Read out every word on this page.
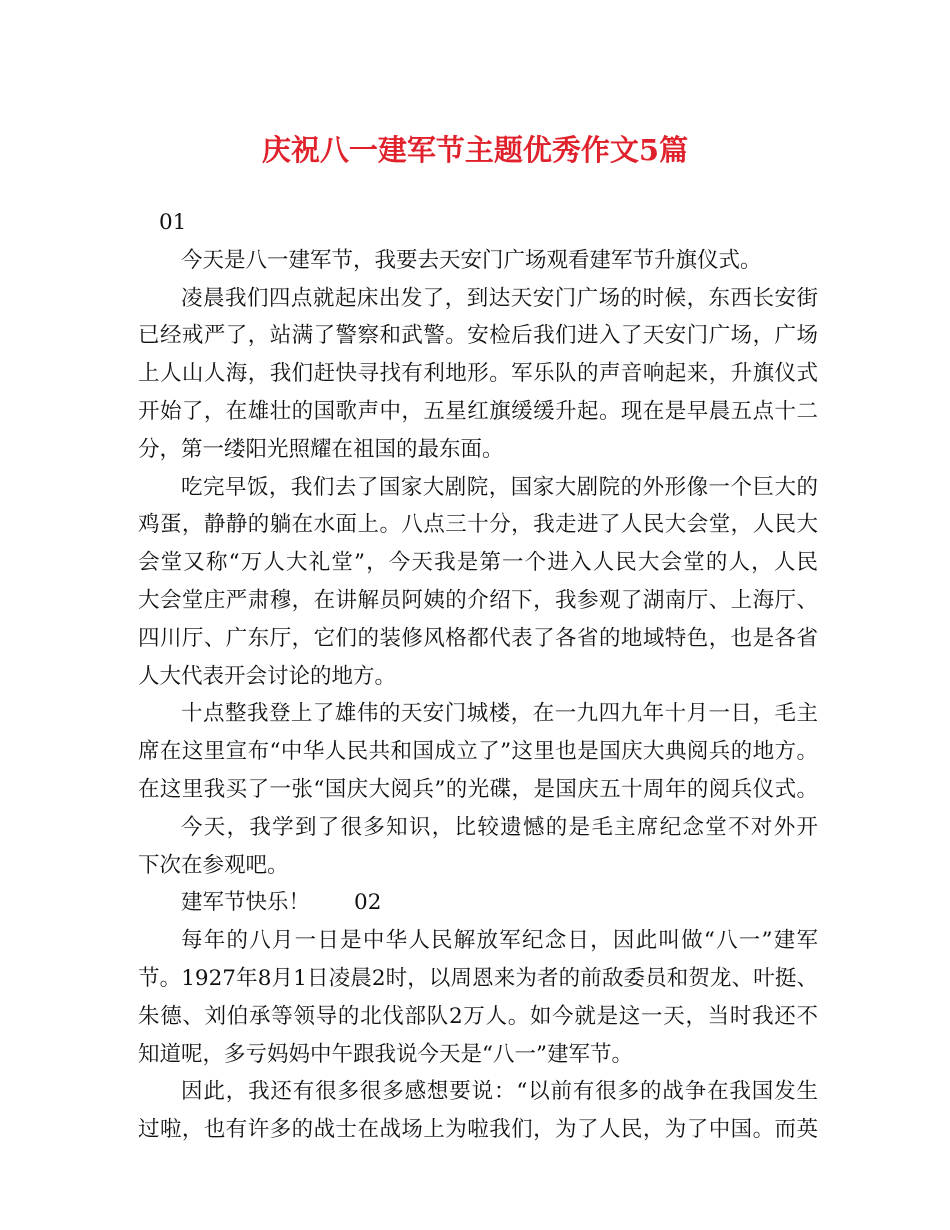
庆祝八一建军节主题优秀作文5篇
01
今天是八一建军节，我要去天安门广场观看建军节升旗仪式。
凌晨我们四点就起床出发了，到达天安门广场的时候，东西长安街
已经戒严了，站满了警察和武警。安检后我们进入了天安门广场，广场
上人山人海，我们赶快寻找有利地形。军乐队的声音响起来，升旗仪式
开始了，在雄壮的国歌声中，五星红旗缓缓升起。现在是早晨五点十二
分，第一缕阳光照耀在祖国的最东面。
吃完早饭，我们去了国家大剧院，国家大剧院的外形像一个巨大的
鸡蛋，静静的躺在水面上。八点三十分，我走进了人民大会堂，人民大
会堂又称“万人大礼堂”，今天我是第一个进入人民大会堂的人，人民
大会堂庄严肃穆，在讲解员阿姨的介绍下，我参观了湖南厅、上海厅、
四川厅、广东厅，它们的装修风格都代表了各省的地域特色，也是各省
人大代表开会讨论的地方。
十点整我登上了雄伟的天安门城楼，在一九四九年十月一日，毛主
席在这里宣布“中华人民共和国成立了”这里也是国庆大典阅兵的地方。
在这里我买了一张“国庆大阅兵”的光碟，是国庆五十周年的阅兵仪式。
今天，我学到了很多知识，比较遗憾的是毛主席纪念堂不对外开
下次在参观吧。
建军节快乐！ 02
每年的八月一日是中华人民解放军纪念日，因此叫做“八一”建军
节。1927年8月1日凌晨2时，以周恩来为者的前敌委员和贺龙、叶挺、
朱德、刘伯承等领导的北伐部队2万人。如今就是这一天，当时我还不
知道呢，多亏妈妈中午跟我说今天是“八一”建军节。
因此，我还有很多很多感想要说：“以前有很多的战争在我国发生
过啦，也有许多的战士在战场上为啦我们，为了人民，为了中国。而英
